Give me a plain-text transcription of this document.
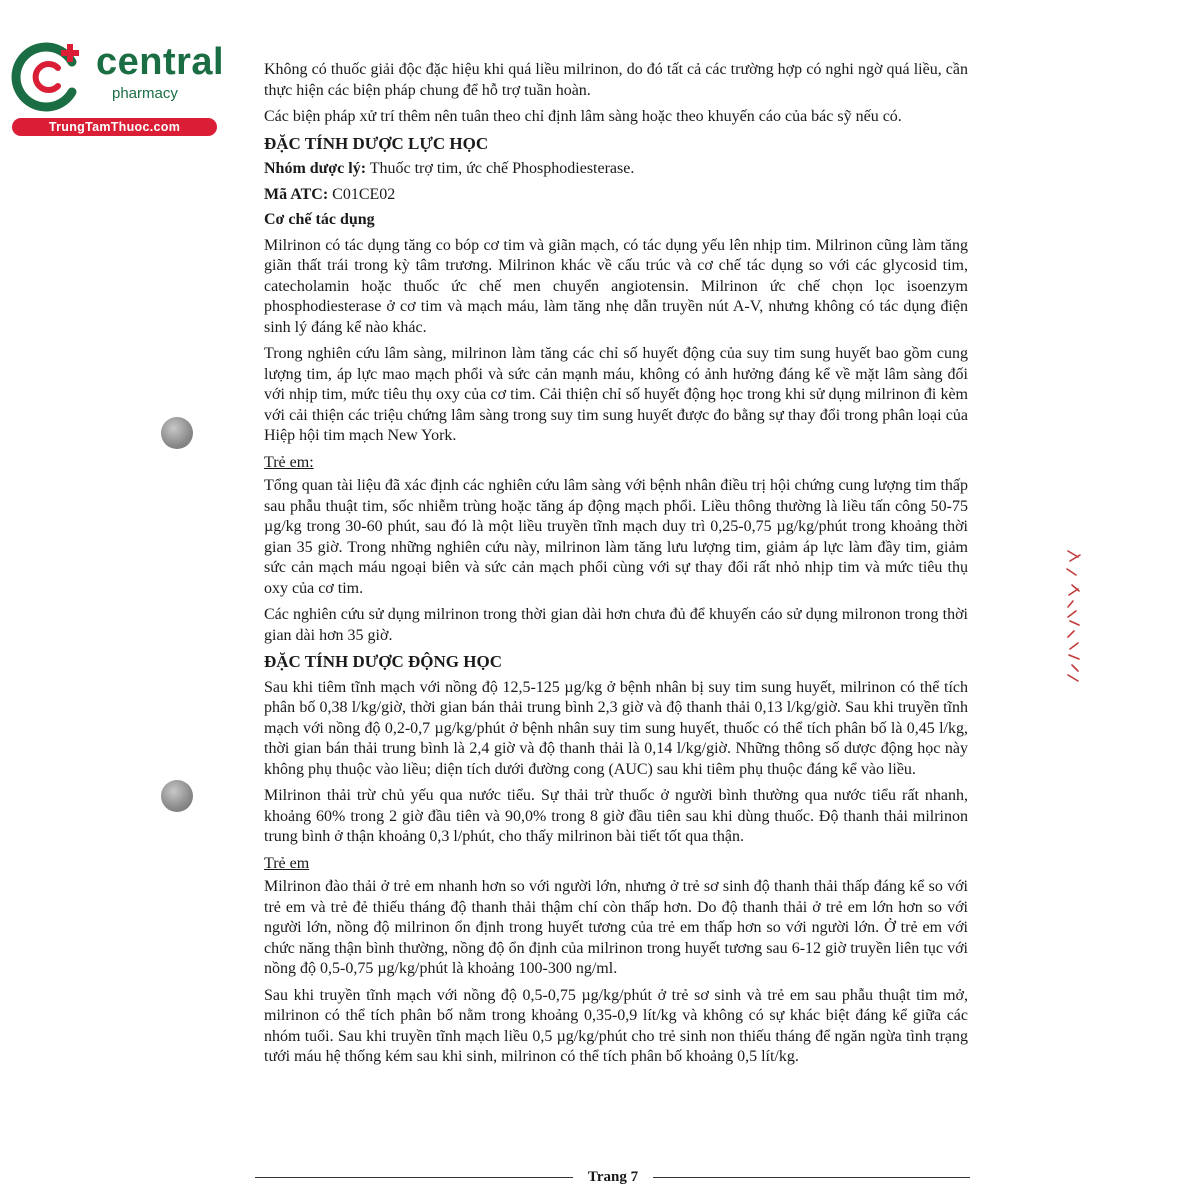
central
pharmacy
TrungTamThuoc.com

Không có thuốc giải độc đặc hiệu khi quá liều milrinon, do đó tất cả các trường hợp có nghi ngờ quá liều, cần thực hiện các biện pháp chung để hỗ trợ tuần hoàn.

Các biện pháp xử trí thêm nên tuân theo chỉ định lâm sàng hoặc theo khuyến cáo của bác sỹ nếu có.

ĐẶC TÍNH DƯỢC LỰC HỌC
Nhóm dược lý: Thuốc trợ tim, ức chế Phosphodiesterase.
Mã ATC: C01CE02
Cơ chế tác dụng

Milrinon có tác dụng tăng co bóp cơ tim và giãn mạch, có tác dụng yếu lên nhịp tim. Milrinon cũng làm tăng giãn thất trái trong kỳ tâm trương. Milrinon khác về cấu trúc và cơ chế tác dụng so với các glycosid tim, catecholamin hoặc thuốc ức chế men chuyển angiotensin. Milrinon ức chế chọn lọc isoenzym phosphodiesterase ở cơ tim và mạch máu, làm tăng nhẹ dẫn truyền nút A-V, nhưng không có tác dụng điện sinh lý đáng kể nào khác.

Trong nghiên cứu lâm sàng, milrinon làm tăng các chỉ số huyết động của suy tim sung huyết bao gồm cung lượng tim, áp lực mao mạch phổi và sức cản mạnh máu, không có ảnh hưởng đáng kể về mặt lâm sàng đối với nhịp tim, mức tiêu thụ oxy của cơ tim. Cải thiện chỉ số huyết động học trong khi sử dụng milrinon đi kèm với cải thiện các triệu chứng lâm sàng trong suy tim sung huyết được đo bằng sự thay đổi trong phân loại của Hiệp hội tim mạch New York.

Trẻ em:

Tổng quan tài liệu đã xác định các nghiên cứu lâm sàng với bệnh nhân điều trị hội chứng cung lượng tim thấp sau phẫu thuật tim, sốc nhiễm trùng hoặc tăng áp động mạch phổi. Liều thông thường là liều tấn công 50-75 µg/kg trong 30-60 phút, sau đó là một liều truyền tĩnh mạch duy trì 0,25-0,75 µg/kg/phút trong khoảng thời gian 35 giờ. Trong những nghiên cứu này, milrinon làm tăng lưu lượng tim, giảm áp lực làm đầy tim, giảm sức cản mạch máu ngoại biên và sức cản mạch phổi cùng với sự thay đổi rất nhỏ nhịp tim và mức tiêu thụ oxy của cơ tim.

Các nghiên cứu sử dụng milrinon trong thời gian dài hơn chưa đủ để khuyến cáo sử dụng milronon trong thời gian dài hơn 35 giờ.

ĐẶC TÍNH DƯỢC ĐỘNG HỌC

Sau khi tiêm tĩnh mạch với nồng độ 12,5-125 µg/kg ở bệnh nhân bị suy tim sung huyết, milrinon có thể tích phân bố 0,38 l/kg/giờ, thời gian bán thải trung bình 2,3 giờ và độ thanh thải 0,13 l/kg/giờ. Sau khi truyền tĩnh mạch với nồng độ 0,2-0,7 µg/kg/phút ở bệnh nhân suy tim sung huyết, thuốc có thể tích phân bố là 0,45 l/kg, thời gian bán thải trung bình là 2,4 giờ và độ thanh thải là 0,14 l/kg/giờ. Những thông số dược động học này không phụ thuộc vào liều; diện tích dưới đường cong (AUC) sau khi tiêm phụ thuộc đáng kể vào liều.

Milrinon thải trừ chủ yếu qua nước tiểu. Sự thải trừ thuốc ở người bình thường qua nước tiểu rất nhanh, khoảng 60% trong 2 giờ đầu tiên và 90,0% trong 8 giờ đầu tiên sau khi dùng thuốc. Độ thanh thải milrinon trung bình ở thận khoảng 0,3 l/phút, cho thấy milrinon bài tiết tốt qua thận.

Trẻ em

Milrinon đào thải ở trẻ em nhanh hơn so với người lớn, nhưng ở trẻ sơ sinh độ thanh thải thấp đáng kể so với trẻ em và trẻ đẻ thiếu tháng độ thanh thải thậm chí còn thấp hơn. Do độ thanh thải ở trẻ em lớn hơn so với người lớn, nồng độ milrinon ổn định trong huyết tương của trẻ em thấp hơn so với người lớn. Ở trẻ em với chức năng thận bình thường, nồng độ ổn định của milrinon trong huyết tương sau 6-12 giờ truyền liên tục với nồng độ 0,5-0,75 µg/kg/phút là khoảng 100-300 ng/ml.

Sau khi truyền tĩnh mạch với nồng độ 0,5-0,75 µg/kg/phút ở trẻ sơ sinh và trẻ em sau phẫu thuật tim mở, milrinon có thể tích phân bố nằm trong khoảng 0,35-0,9 lít/kg và không có sự khác biệt đáng kể giữa các nhóm tuổi. Sau khi truyền tĩnh mạch liều 0,5 µg/kg/phút cho trẻ sinh non thiếu tháng để ngăn ngừa tình trạng tưới máu hệ thống kém sau khi sinh, milrinon có thể tích phân bố khoảng 0,5 lít/kg.

Trang 7
